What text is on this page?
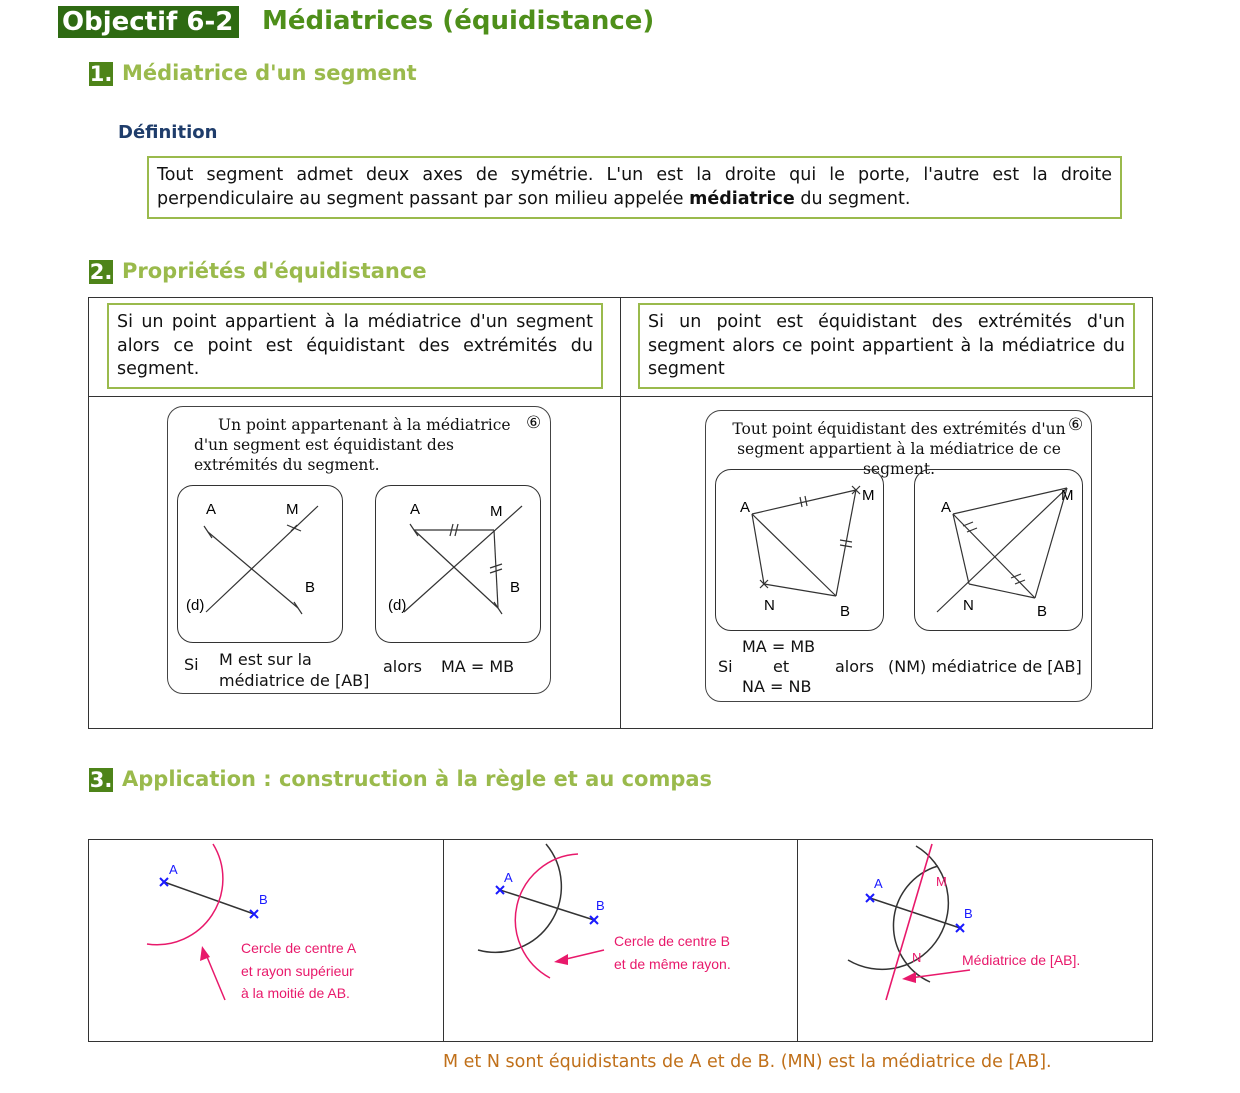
Objectif 6-2 Médiatrices (équidistance)
1. Médiatrice d'un segment
Définition
Tout segment admet deux axes de symétrie. L'un est la droite qui le porte, l'autre est la droite perpendiculaire au segment passant par son milieu appelée médiatrice du segment.
2. Propriétés d'équidistance
Si un point appartient à la médiatrice d'un segment alors ce point est équidistant des extrémités du segment.
Si un point est équidistant des extrémités d'un segment alors ce point appartient à la médiatrice du segment
Un point appartenant à la médiatrice d'un segment est équidistant des extrémités du segment.
⑥
A	M
B
(d)
A	M
B
(d)
Si M est sur la
médiatrice de [AB]
alors MA = MB
Tout point équidistant des extrémités d'un segment appartient à la médiatrice de ce segment.
⑥
A
M
B
N
A
M
B
N
MA = MB
Si	et
NA = NB
alors (NM) médiatrice de [AB]
3. Application : construction à la règle et au compas
A
B
Cercle de centre A
et rayon supérieur
à la moitié de AB.
A
B
Cercle de centre B
et de même rayon.
A
B
M
N	Médiatrice de [AB].
M et N sont équidistants de A et de B. (MN) est la médiatrice de [AB].
